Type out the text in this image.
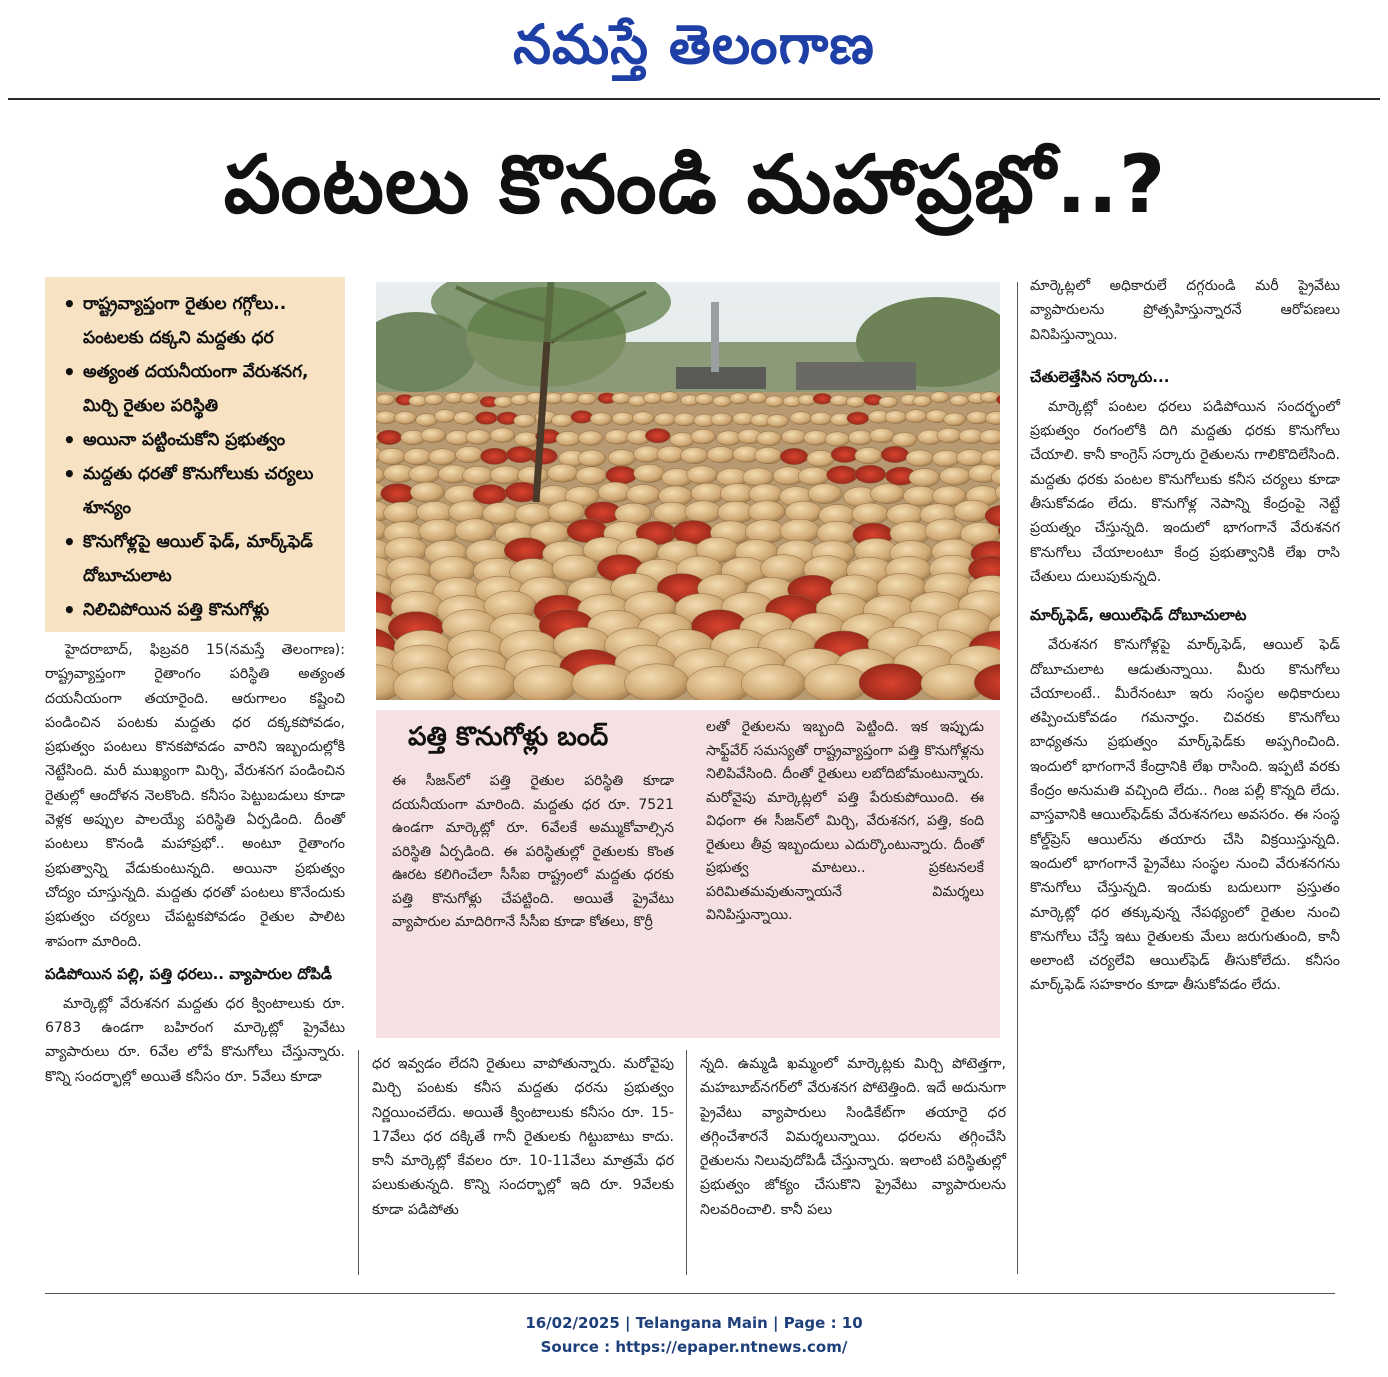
నమస్తే తెలంగాణ
పంటలు కొనండి మహాప్రభో..?
• రాష్ట్రవ్యాప్తంగా రైతుల గగ్గోలు.. పంటలకు దక్కని మద్దతు ధర
• అత్యంత దయనీయంగా వేరుశనగ, మిర్చి రైతుల పరిస్థితి
• అయినా పట్టించుకోని ప్రభుత్వం
• మద్దతు ధరతో కొనుగోలుకు చర్యలు శూన్యం
• కొనుగోళ్లపై ఆయిల్ ఫెడ్, మార్క్‌ఫెడ్ దోబూచులాట
• నిలిచిపోయిన పత్తి కొనుగోళ్లు

హైదరాబాద్, ఫిబ్రవరి 15(నమస్తే తెలంగాణ): రాష్ట్రవ్యాప్తంగా రైతాంగం పరిస్థితి అత్యంత దయనీయంగా తయారైంది. ఆరుగాలం కష్టించి పండించిన పంటకు మద్దతు ధర దక్కకపోవడం, ప్రభుత్వం పంటలు కొనకపోవడం వారిని ఇబ్బందుల్లోకి నెట్టేసింది. మరీ ముఖ్యంగా మిర్చి, వేరుశనగ పండించిన రైతుల్లో ఆందోళన నెలకొంది. కనీసం పెట్టుబడులు కూడా వెళ్లక అప్పుల పాలయ్యే పరిస్థితి ఏర్పడింది. దీంతో పంటలు కొనండి మహాప్రభో.. అంటూ రైతాంగం ప్రభుత్వాన్ని వేడుకుంటున్నది. అయినా ప్రభుత్వం చోద్యం చూస్తున్నది. మద్దతు ధరతో పంటలు కొనేందుకు ప్రభుత్వం చర్యలు చేపట్టకపోవడం రైతుల పాలిట శాపంగా మారింది.

పడిపోయిన పల్లి, పత్తి ధరలు.. వ్యాపారుల దోపిడీ

మార్కెట్లో వేరుశనగ మద్దతు ధర క్వింటాలుకు రూ. 6783 ఉండగా బహిరంగ మార్కెట్లో ప్రైవేటు వ్యాపారులు రూ. 6వేల లోపే కొనుగోలు చేస్తున్నారు. కొన్ని సందర్భాల్లో అయితే కనీసం రూ. 5వేలు కూడా

పత్తి కొనుగోళ్లు బంద్
ఈ సీజన్‌లో పత్తి రైతుల పరిస్థితి కూడా దయనీయంగా మారింది. మద్దతు ధర రూ. 7521 ఉండగా మార్కెట్లో రూ. 6వేలకే అమ్ముకోవాల్సిన పరిస్థితి ఏర్పడింది. ఈ పరిస్థితుల్లో రైతులకు కొంత ఊరట కలిగించేలా సీసీఐ రాష్ట్రంలో మద్దతు ధరకు పత్తి కొనుగోళ్లు చేపట్టింది. అయితే ప్రైవేటు వ్యాపారుల మాదిరిగానే సీసీఐ కూడా కోతలు, కొర్రీ
లతో రైతులను ఇబ్బంది పెట్టింది. ఇక ఇప్పుడు సాఫ్ట్‌వేర్ సమస్యతో రాష్ట్రవ్యాప్తంగా పత్తి కొనుగోళ్లను నిలిపివేసింది. దీంతో రైతులు లబోదిబోమంటున్నారు. మరోవైపు మార్కెట్లలో పత్తి పేరుకుపోయింది. ఈ విధంగా ఈ సీజన్‌లో మిర్చి, వేరుశనగ, పత్తి, కంది రైతులు తీవ్ర ఇబ్బందులు ఎదుర్కొంటున్నారు. దీంతో ప్రభుత్వ మాటలు.. ప్రకటనలకే పరిమితమవుతున్నాయనే విమర్శలు వినిపిస్తున్నాయి.
ధర ఇవ్వడం లేదని రైతులు వాపోతున్నారు. మరోవైపు మిర్చి పంటకు కనీస మద్దతు ధరను ప్రభుత్వం నిర్ణయించలేదు. అయితే క్వింటాలుకు కనీసం రూ. 15-17వేలు ధర దక్కితే గానీ రైతులకు గిట్టుబాటు కాదు. కానీ మార్కెట్లో కేవలం రూ. 10-11వేలు మాత్రమే ధర పలుకుతున్నది. కొన్ని సందర్భాల్లో ఇది రూ. 9వేలకు కూడా పడిపోతు
న్నది. ఉమ్మడి ఖమ్మంలో మార్కెట్లకు మిర్చి పోటెత్తగా, మహబూబ్‌నగర్‌లో వేరుశనగ పోటెత్తింది. ఇదే అదునుగా ప్రైవేటు వ్యాపారులు సిండికేట్‌గా తయారై ధర తగ్గించేశారనే విమర్శలున్నాయి. ధరలను తగ్గించేసి రైతులను నిలువుదోపిడీ చేస్తున్నారు. ఇలాంటి పరిస్థితుల్లో ప్రభుత్వం జోక్యం చేసుకొని ప్రైవేటు వ్యాపారులను నిలవరించాలి. కానీ పలు

మార్కెట్లలో అధికారులే దగ్గరుండి మరీ ప్రైవేటు వ్యాపారులను ప్రోత్సహిస్తున్నారనే ఆరోపణలు వినిపిస్తున్నాయి.

చేతులెత్తేసిన సర్కారు...

మార్కెట్లో పంటల ధరలు పడిపోయిన సందర్భంలో ప్రభుత్వం రంగంలోకి దిగి మద్దతు ధరకు కొనుగోలు చేయాలి. కానీ కాంగ్రెస్ సర్కారు రైతులను గాలికొదిలేసింది. మద్దతు ధరకు పంటల కొనుగోలుకు కనీస చర్యలు కూడా తీసుకోవడం లేదు. కొనుగోళ్ల నెపాన్ని కేంద్రంపై నెట్టే ప్రయత్నం చేస్తున్నది. ఇందులో భాగంగానే వేరుశనగ కొనుగోలు చేయాలంటూ కేంద్ర ప్రభుత్వానికి లేఖ రాసి చేతులు దులుపుకున్నది.

మార్క్‌ఫెడ్, ఆయిల్‌ఫెడ్ దోబూచులాట

వేరుశనగ కొనుగోళ్లపై మార్క్‌ఫెడ్, ఆయిల్ ఫెడ్ దోబూచులాట ఆడుతున్నాయి. మీరు కొనుగోలు చేయాలంటే.. మీరేనంటూ ఇరు సంస్థల అధికారులు తప్పించుకోవడం గమనార్హం. చివరకు కొనుగోలు బాధ్యతను ప్రభుత్వం మార్క్‌ఫెడ్‌కు అప్పగించింది. ఇందులో భాగంగానే కేంద్రానికి లేఖ రాసింది. ఇప్పటి వరకు కేంద్రం అనుమతి వచ్చింది లేదు.. గింజ పల్లీ కొన్నది లేదు. వాస్తవానికి ఆయిల్‌ఫెడ్‌కు వేరుశనగలు అవసరం. ఈ సంస్థ కోల్డ్‌ప్రెస్ ఆయిల్‌ను తయారు చేసి విక్రయిస్తున్నది. ఇందులో భాగంగానే ప్రైవేటు సంస్థల నుంచి వేరుశనగను కొనుగోలు చేస్తున్నది. ఇందుకు బదులుగా ప్రస్తుతం మార్కెట్లో ధర తక్కువున్న నేపథ్యంలో రైతుల నుంచి కొనుగోలు చేస్తే ఇటు రైతులకు మేలు జరుగుతుంది, కానీ అలాంటి చర్యలేవి ఆయిల్‌ఫెడ్ తీసుకోలేదు. కనీసం మార్క్‌ఫెడ్ సహకారం కూడా తీసుకోవడం లేదు.

16/02/2025 | Telangana Main | Page : 10
Source : https://epaper.ntnews.com/
